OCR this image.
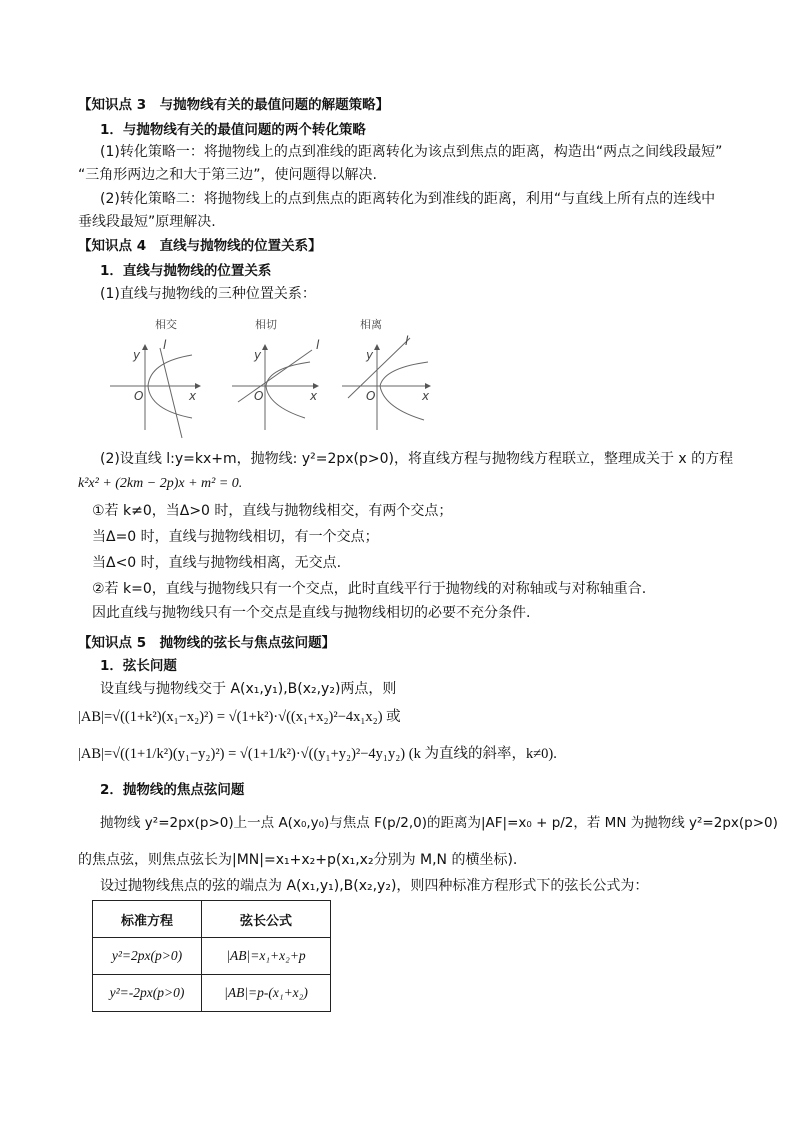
【知识点 3　与抛物线有关的最值问题的解题策略】
1．与抛物线有关的最值问题的两个转化策略
(1)转化策略一：将抛物线上的点到准线的距离转化为该点到焦点的距离，构造出“两点之间线段最短”
“三角形两边之和大于第三边”，使问题得以解决.
(2)转化策略二：将抛物线上的点到焦点的距离转化为到准线的距离，利用“与直线上所有点的连线中
垂线段最短”原理解决.
【知识点 4　直线与抛物线的位置关系】
1．直线与抛物线的位置关系
(1)直线与抛物线的三种位置关系：
相交	相切	相离
l
y
x
O
l
y
x
O
l
y
x
O
(2)设直线 l:y=kx+m，抛物线: y²=2px(p>0)，将直线方程与抛物线方程联立，整理成关于 x 的方程
k²x² + (2km − 2p)x + m² = 0.
①若 k≠0，当Δ>0 时，直线与抛物线相交，有两个交点；
当Δ=0 时，直线与抛物线相切，有一个交点；
当Δ<0 时，直线与抛物线相离，无交点.
②若 k=0，直线与抛物线只有一个交点，此时直线平行于抛物线的对称轴或与对称轴重合.
因此直线与抛物线只有一个交点是直线与抛物线相切的必要不充分条件.
【知识点 5　抛物线的弦长与焦点弦问题】
1．弦长问题
设直线与抛物线交于 A(x₁,y₁),B(x₂,y₂)两点，则
|AB|=√((1+k²)(x₁−x₂)²) = √(1+k²)·√((x₁+x₂)²−4x₁x₂) 或
|AB|=√((1+1/k²)(y₁−y₂)²) = √(1+1/k²)·√((y₁+y₂)²−4y₁y₂) (k 为直线的斜率，k≠0).
2．抛物线的焦点弦问题
抛物线 y²=2px(p>0)上一点 A(x₀,y₀)与焦点 F(p/2,0)的距离为|AF|=x₀ + p/2，若 MN 为抛物线 y²=2px(p>0)
的焦点弦，则焦点弦长为|MN|=x₁+x₂+p(x₁,x₂分别为 M,N 的横坐标).
设过抛物线焦点的弦的端点为 A(x₁,y₁),B(x₂,y₂)，则四种标准方程形式下的弦长公式为：
标准方程	弦长公式
y²=2px(p>0)	|AB|=x₁+x₂+p
y²=-2px(p>0)	|AB|=p-(x₁+x₂)
